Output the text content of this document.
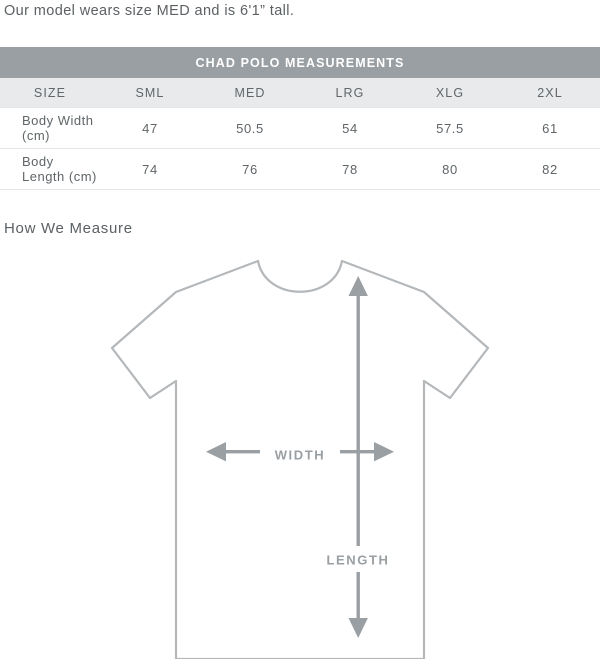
Our model wears size MED and is 6'1” tall.
CHAD POLO MEASUREMENTS					
SIZE	SML	MED	LRG	XLG	2XL
Body Width (cm)	47	50.5	54	57.5	61
Body Length (cm)	74	76	78	80	82
How We Measure
WIDTH
LENGTH
